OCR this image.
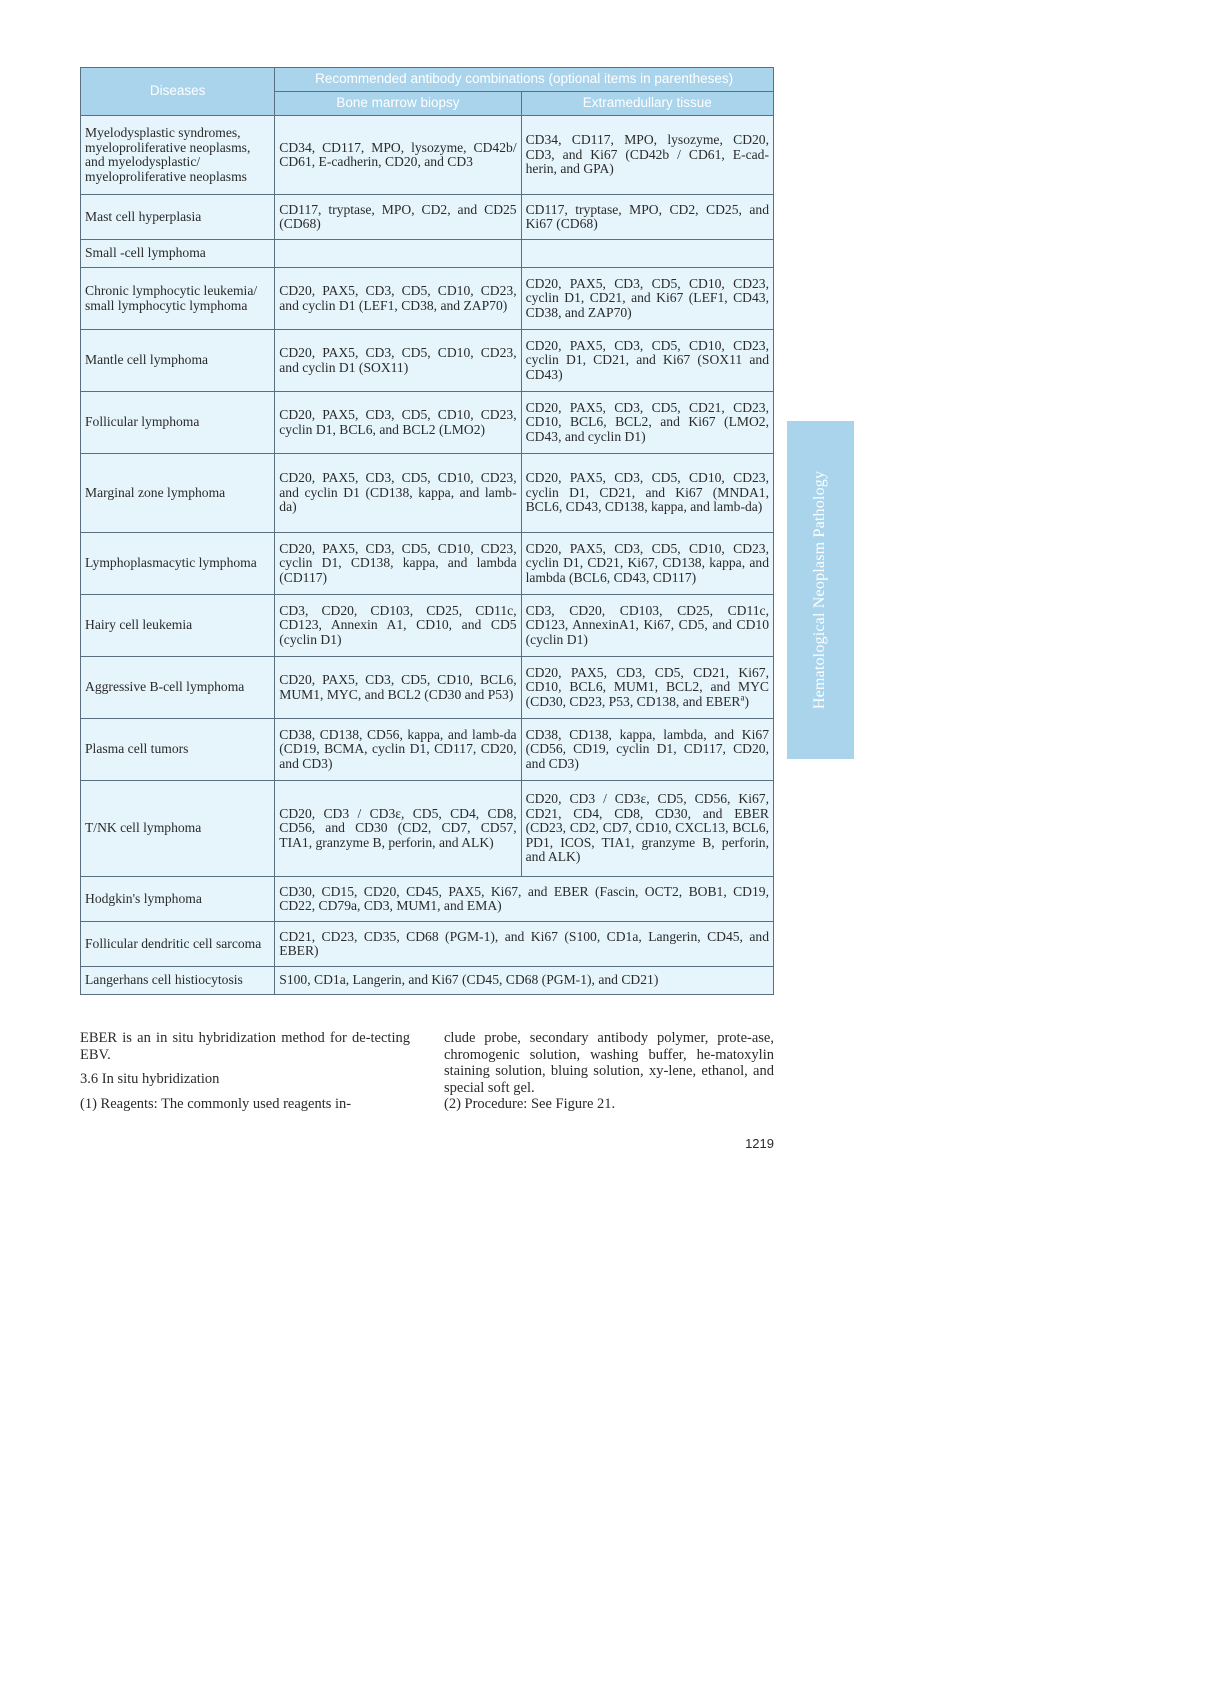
Diseases	Recommended antibody combinations (optional items in parentheses)	
	Bone marrow biopsy	Extramedullary tissue
Myelodysplastic syndromes, myeloproliferative neoplasms, and myelodysplastic/ myeloproliferative neoplasms	CD34, CD117, MPO, lysozyme, CD42b/ CD61, E-cadherin, CD20, and CD3	CD34, CD117, MPO, lysozyme, CD20, CD3, and Ki67 (CD42b / CD61, E-cad-herin, and GPA)
Mast cell hyperplasia	CD117, tryptase, MPO, CD2, and CD25 (CD68)	CD117, tryptase, MPO, CD2, CD25, and Ki67 (CD68)
Small -cell lymphoma		
Chronic lymphocytic leukemia/ small lymphocytic lymphoma	CD20, PAX5, CD3, CD5, CD10, CD23, and cyclin D1 (LEF1, CD38, and ZAP70)	CD20, PAX5, CD3, CD5, CD10, CD23, cyclin D1, CD21, and Ki67 (LEF1, CD43, CD38, and ZAP70)
Mantle cell lymphoma	CD20, PAX5, CD3, CD5, CD10, CD23, and cyclin D1 (SOX11)	CD20, PAX5, CD3, CD5, CD10, CD23, cyclin D1, CD21, and Ki67 (SOX11 and CD43)
Follicular lymphoma	CD20, PAX5, CD3, CD5, CD10, CD23, cyclin D1, BCL6, and BCL2 (LMO2)	CD20, PAX5, CD3, CD5, CD21, CD23, CD10, BCL6, BCL2, and Ki67 (LMO2, CD43, and cyclin D1)
Marginal zone lymphoma	CD20, PAX5, CD3, CD5, CD10, CD23, and cyclin D1 (CD138, kappa, and lamb-da)	CD20, PAX5, CD3, CD5, CD10, CD23, cyclin D1, CD21, and Ki67 (MNDA1, BCL6, CD43, CD138, kappa, and lamb-da)
Lymphoplasmacytic lymphoma	CD20, PAX5, CD3, CD5, CD10, CD23, cyclin D1, CD138, kappa, and lambda (CD117)	CD20, PAX5, CD3, CD5, CD10, CD23, cyclin D1, CD21, Ki67, CD138, kappa, and lambda (BCL6, CD43, CD117)
Hairy cell leukemia	CD3, CD20, CD103, CD25, CD11c, CD123, Annexin A1, CD10, and CD5 (cyclin D1)	CD3, CD20, CD103, CD25, CD11c, CD123, AnnexinA1, Ki67, CD5, and CD10 (cyclin D1)
Aggressive B-cell lymphoma	CD20, PAX5, CD3, CD5, CD10, BCL6, MUM1, MYC, and BCL2 (CD30 and P53)	CD20, PAX5, CD3, CD5, CD21, Ki67, CD10, BCL6, MUM1, BCL2, and MYC (CD30, CD23, P53, CD138, and EBER$^a$)
Plasma cell tumors	CD38, CD138, CD56, kappa, and lamb-da (CD19, BCMA, cyclin D1, CD117, CD20, and CD3)	CD38, CD138, kappa, lambda, and Ki67 (CD56, CD19, cyclin D1, CD117, CD20, and CD3)
T/NK cell lymphoma	CD20, CD3 / CD3ε, CD5, CD4, CD8, CD56, and CD30 (CD2, CD7, CD57, TIA1, granzyme B, perforin, and ALK)	CD20, CD3 / CD3ε, CD5, CD56, Ki67, CD21, CD4, CD8, CD30, and EBER (CD23, CD2, CD7, CD10, CXCL13, BCL6, PD1, ICOS, TIA1, granzyme B, perforin, and ALK)
Hodgkin's lymphoma	CD30, CD15, CD20, CD45, PAX5, Ki67, and EBER (Fascin, OCT2, BOB1, CD19, CD22, CD79a, CD3, MUM1, and EMA)	
Follicular dendritic cell sarcoma	CD21, CD23, CD35, CD68 (PGM-1), and Ki67 (S100, CD1a, Langerin, CD45, and EBER)	
Langerhans cell histiocytosis	S100, CD1a, Langerin, and Ki67 (CD45, CD68 (PGM-1), and CD21)	
Hematological Neoplasm Pathology

EBER is an in situ hybridization method for de-tecting EBV.

3.6 In situ hybridization

(1) Reagents: The commonly used reagents in-

clude probe, secondary antibody polymer, prote-ase, chromogenic solution, washing buffer, he-matoxylin staining solution, bluing solution, xy-lene, ethanol, and special soft gel.

(2) Procedure: See Figure 21.

1219
